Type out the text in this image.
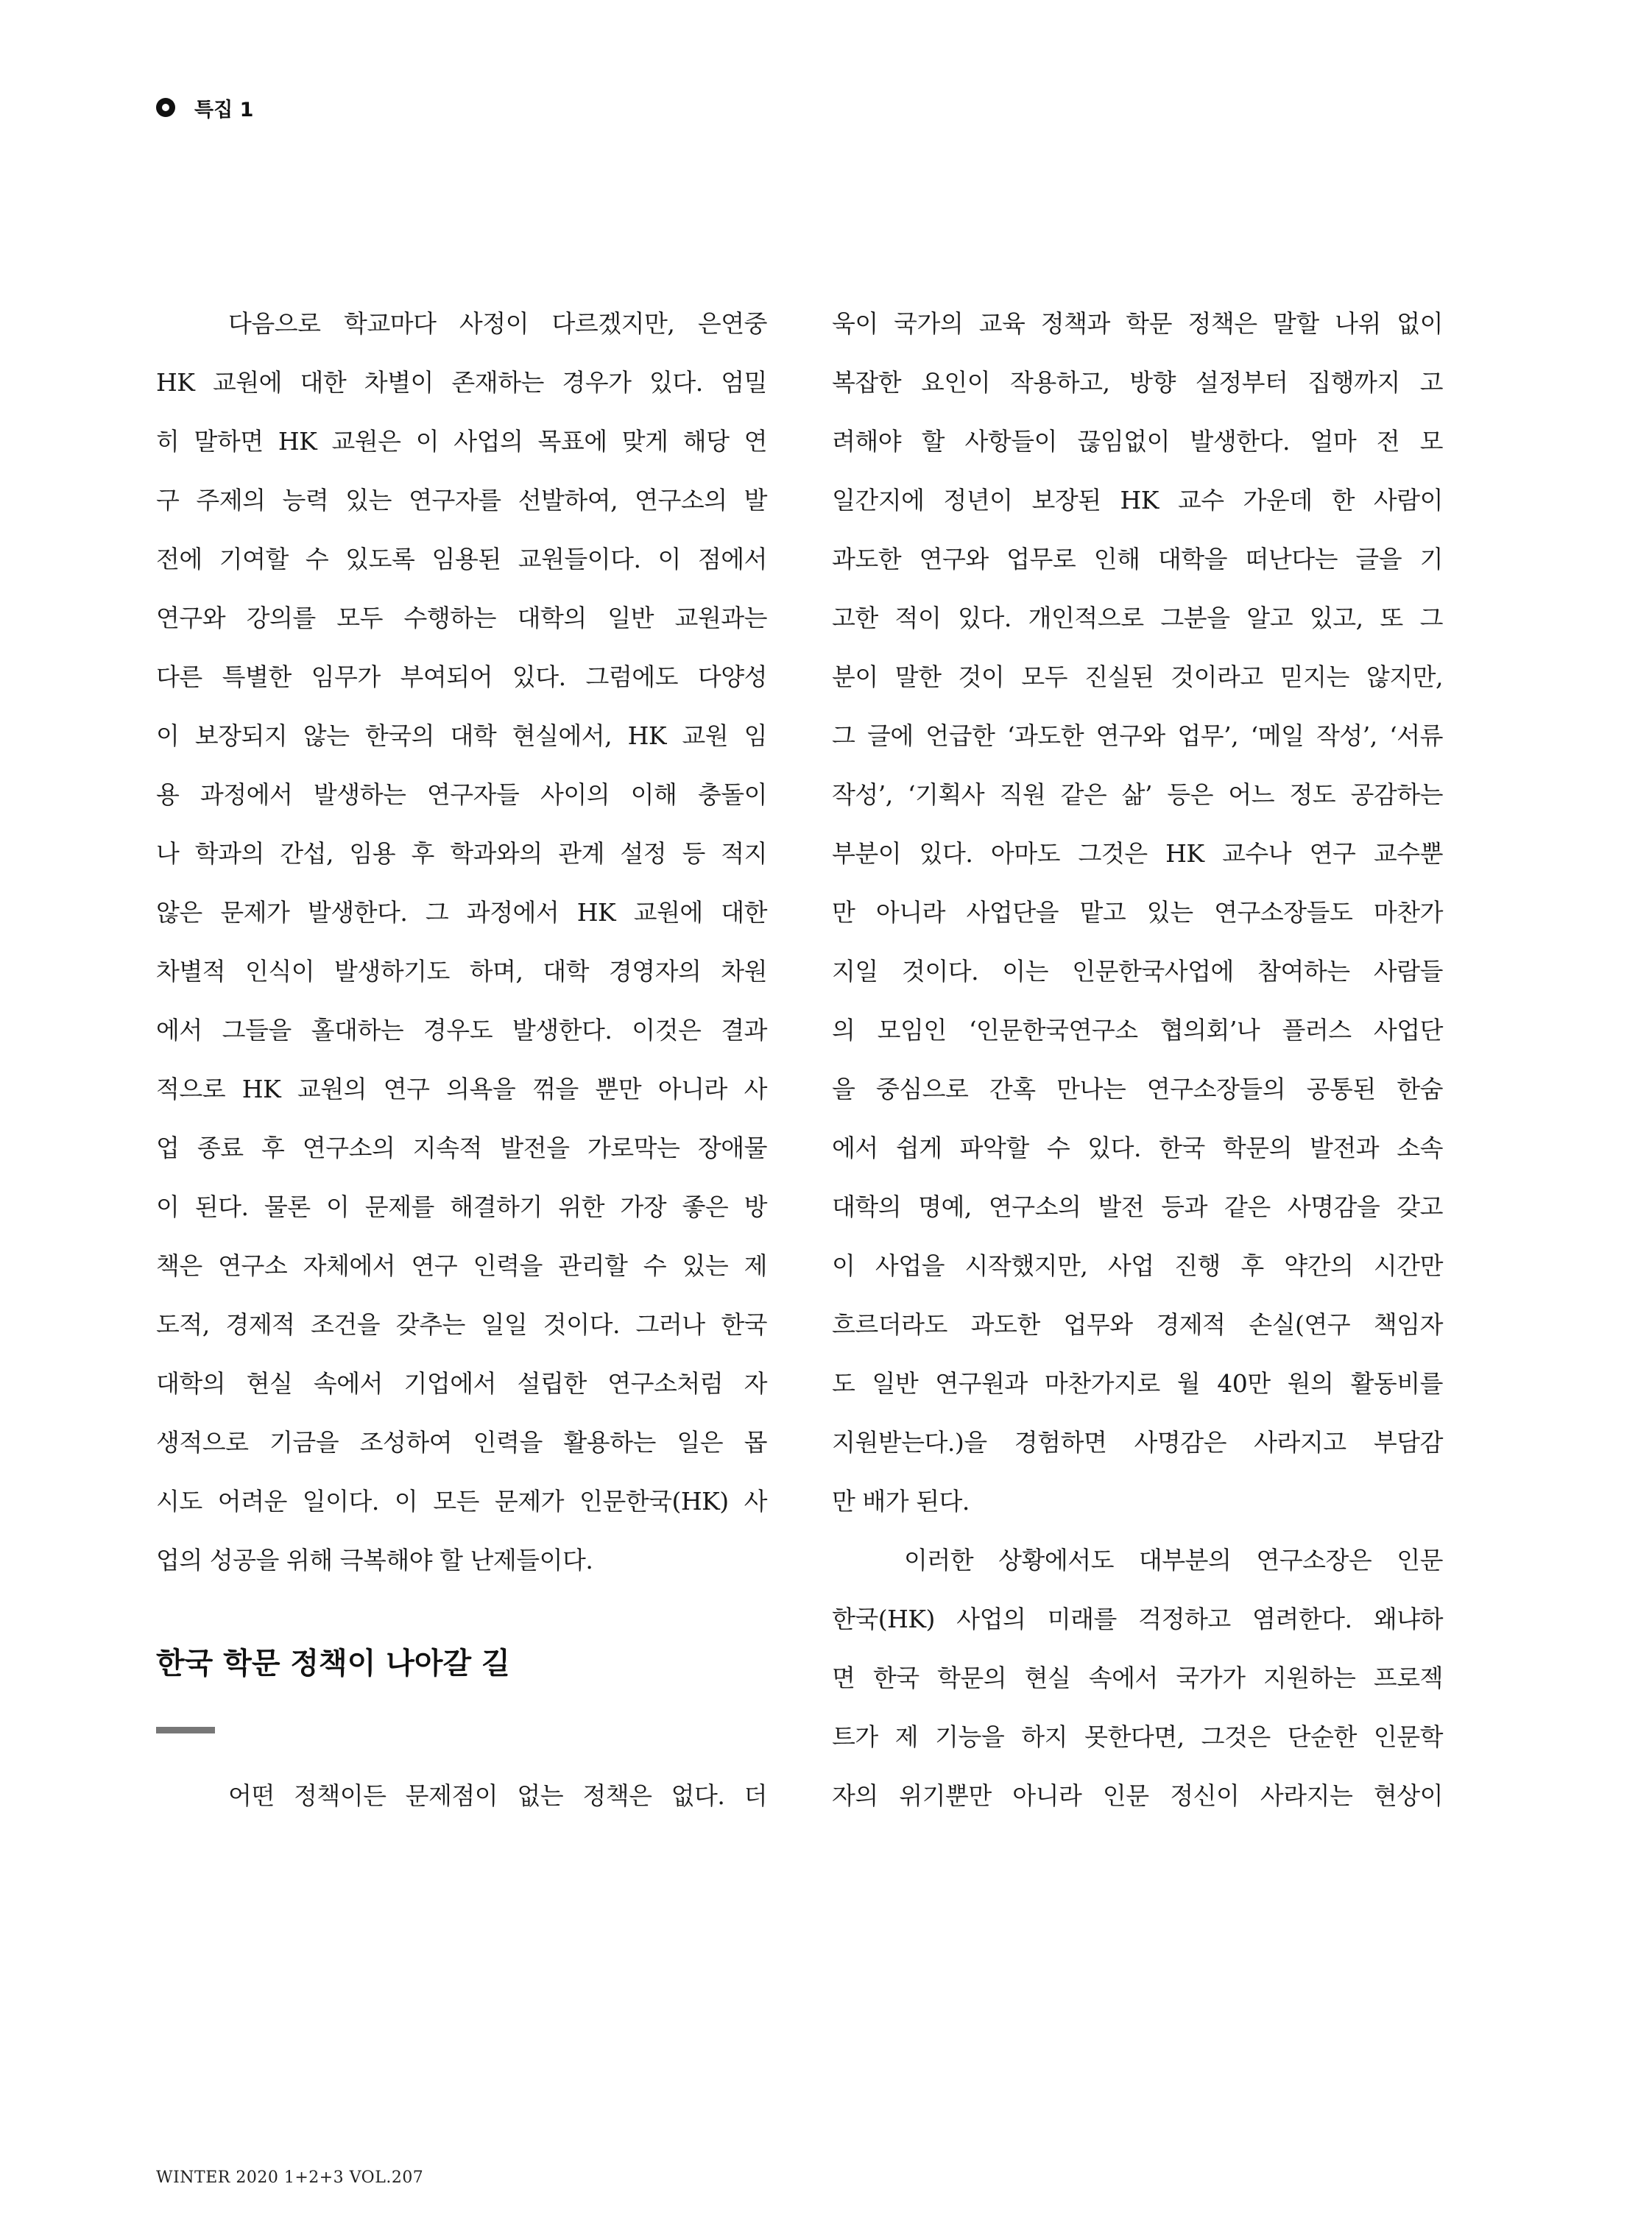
특집 1
다음으로 학교마다 사정이 다르겠지만, 은연중
HK 교원에 대한 차별이 존재하는 경우가 있다. 엄밀
히 말하면 HK 교원은 이 사업의 목표에 맞게 해당 연
구 주제의 능력 있는 연구자를 선발하여, 연구소의 발
전에 기여할 수 있도록 임용된 교원들이다. 이 점에서
연구와 강의를 모두 수행하는 대학의 일반 교원과는
다른 특별한 임무가 부여되어 있다. 그럼에도 다양성
이 보장되지 않는 한국의 대학 현실에서, HK 교원 임
용 과정에서 발생하는 연구자들 사이의 이해 충돌이
나 학과의 간섭, 임용 후 학과와의 관계 설정 등 적지
않은 문제가 발생한다. 그 과정에서 HK 교원에 대한
차별적 인식이 발생하기도 하며, 대학 경영자의 차원
에서 그들을 홀대하는 경우도 발생한다. 이것은 결과
적으로 HK 교원의 연구 의욕을 꺾을 뿐만 아니라 사
업 종료 후 연구소의 지속적 발전을 가로막는 장애물
이 된다. 물론 이 문제를 해결하기 위한 가장 좋은 방
책은 연구소 자체에서 연구 인력을 관리할 수 있는 제
도적, 경제적 조건을 갖추는 일일 것이다. 그러나 한국
대학의 현실 속에서 기업에서 설립한 연구소처럼 자
생적으로 기금을 조성하여 인력을 활용하는 일은 몹
시도 어려운 일이다. 이 모든 문제가 인문한국(HK) 사
업의 성공을 위해 극복해야 할 난제들이다.
한국 학문 정책이 나아갈 길
어떤 정책이든 문제점이 없는 정책은 없다. 더
욱이 국가의 교육 정책과 학문 정책은 말할 나위 없이
복잡한 요인이 작용하고, 방향 설정부터 집행까지 고
려해야 할 사항들이 끊임없이 발생한다. 얼마 전 모
일간지에 정년이 보장된 HK 교수 가운데 한 사람이
과도한 연구와 업무로 인해 대학을 떠난다는 글을 기
고한 적이 있다. 개인적으로 그분을 알고 있고, 또 그
분이 말한 것이 모두 진실된 것이라고 믿지는 않지만,
그 글에 언급한 ‘과도한 연구와 업무’, ‘메일 작성’, ‘서류
작성’, ‘기획사 직원 같은 삶’ 등은 어느 정도 공감하는
부분이 있다. 아마도 그것은 HK 교수나 연구 교수뿐
만 아니라 사업단을 맡고 있는 연구소장들도 마찬가
지일 것이다. 이는 인문한국사업에 참여하는 사람들
의 모임인 ‘인문한국연구소 협의회’나 플러스 사업단
을 중심으로 간혹 만나는 연구소장들의 공통된 한숨
에서 쉽게 파악할 수 있다. 한국 학문의 발전과 소속
대학의 명예, 연구소의 발전 등과 같은 사명감을 갖고
이 사업을 시작했지만, 사업 진행 후 약간의 시간만
흐르더라도 과도한 업무와 경제적 손실(연구 책임자
도 일반 연구원과 마찬가지로 월 40만 원의 활동비를
지원받는다.)을 경험하면 사명감은 사라지고 부담감
만 배가 된다.
이러한 상황에서도 대부분의 연구소장은 인문
한국(HK) 사업의 미래를 걱정하고 염려한다. 왜냐하
면 한국 학문의 현실 속에서 국가가 지원하는 프로젝
트가 제 기능을 하지 못한다면, 그것은 단순한 인문학
자의 위기뿐만 아니라 인문 정신이 사라지는 현상이
WINTER 2020 1+2+3 VOL.207
